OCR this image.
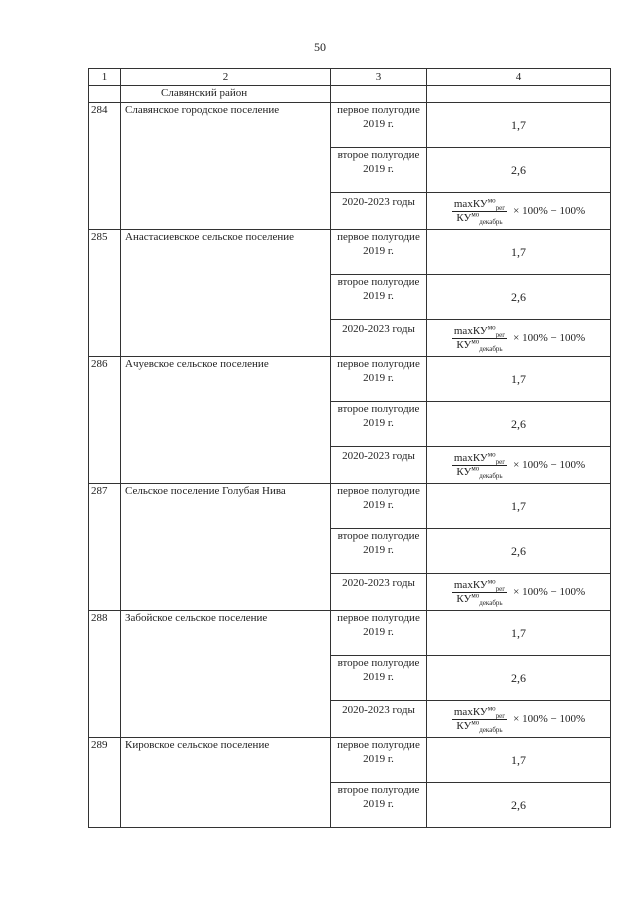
50
1	2	3	4
	Славянский район		
284	Славянское городское поселение	первое полугодие 2019 г.	1,7
		второе полугодие 2019 г.	2,6
		2020-2023 годы	$\frac{\max КУ^{мо}_{рег}}{КУ^{мо}_{декабрь}} \times 100\% - 100\%$

285	Анастасиевское сельское поселение	первое полугодие 2019 г.	1,7
		второе полугодие 2019 г.	2,6
		2020-2023 годы	$\frac{\max КУ^{мо}_{рег}}{КУ^{мо}_{декабрь}} \times 100\% - 100\%$

286	Ачуевское сельское поселение	первое полугодие 2019 г.	1,7
		второе полугодие 2019 г.	2,6
		2020-2023 годы	$\frac{\max КУ^{мо}_{рег}}{КУ^{мо}_{декабрь}} \times 100\% - 100\%$

287	Сельское поселение Голубая Нива	первое полугодие 2019 г.	1,7
		второе полугодие 2019 г.	2,6
		2020-2023 годы	$\frac{\max КУ^{мо}_{рег}}{КУ^{мо}_{декабрь}} \times 100\% - 100\%$

288	Забойское сельское поселение	первое полугодие 2019 г.	1,7
		второе полугодие 2019 г.	2,6
		2020-2023 годы	$\frac{\max КУ^{мо}_{рег}}{КУ^{мо}_{декабрь}} \times 100\% - 100\%$

289	Кировское сельское поселение	первое полугодие 2019 г.	1,7
		второе полугодие 2019 г.	2,6
